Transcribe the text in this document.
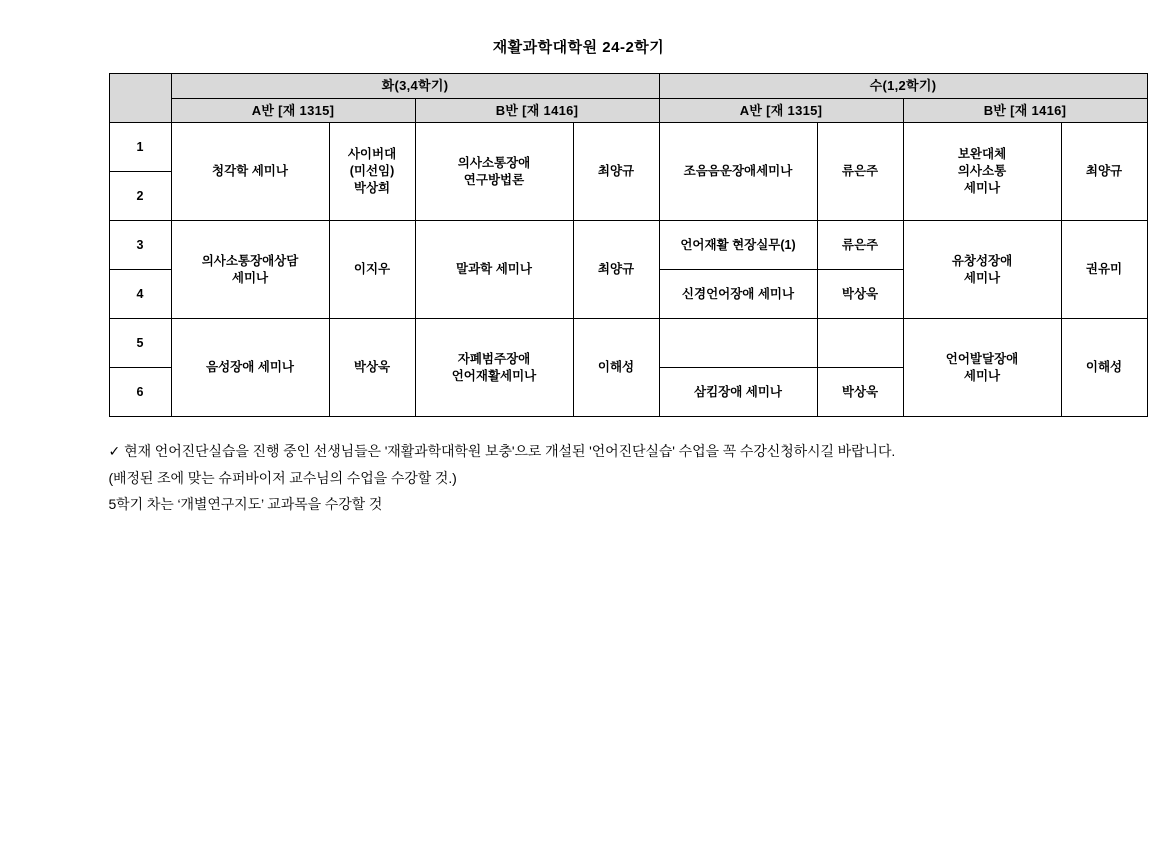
재활과학대학원 24-2학기
	화(3,4학기)				수(1,2학기)			
	A반 [재 1315]		B반 [재 1416]		A반 [재 1315]		B반 [재 1416]	
1	청각학 세미나	사이버대
(미선임)
박상희	의사소통장애
연구방법론	최양규	조음음운장애세미나	류은주	보완대체
의사소통
세미나	최양규
2								
3	의사소통장애상담
세미나	이지우	말과학 세미나	최양규	언어재활 현장실무(1)	류은주	유창성장애
세미나	권유미
4					신경언어장애 세미나	박상욱		
5	음성장애 세미나	박상욱	자폐범주장애
언어재활세미나	이해성			언어발달장애
세미나	이해성
6					삼킴장애 세미나	박상욱		

✓ 현재 언어진단실습을 진행 중인 선생님들은 '재활과학대학원 보충'으로 개설된 '언어진단실습' 수업을 꼭 수강신청하시길 바랍니다.

(배정된 조에 맞는 슈퍼바이저 교수님의 수업을 수강할 것.)

5학기 차는 ‘개별연구지도’ 교과목을 수강할 것
